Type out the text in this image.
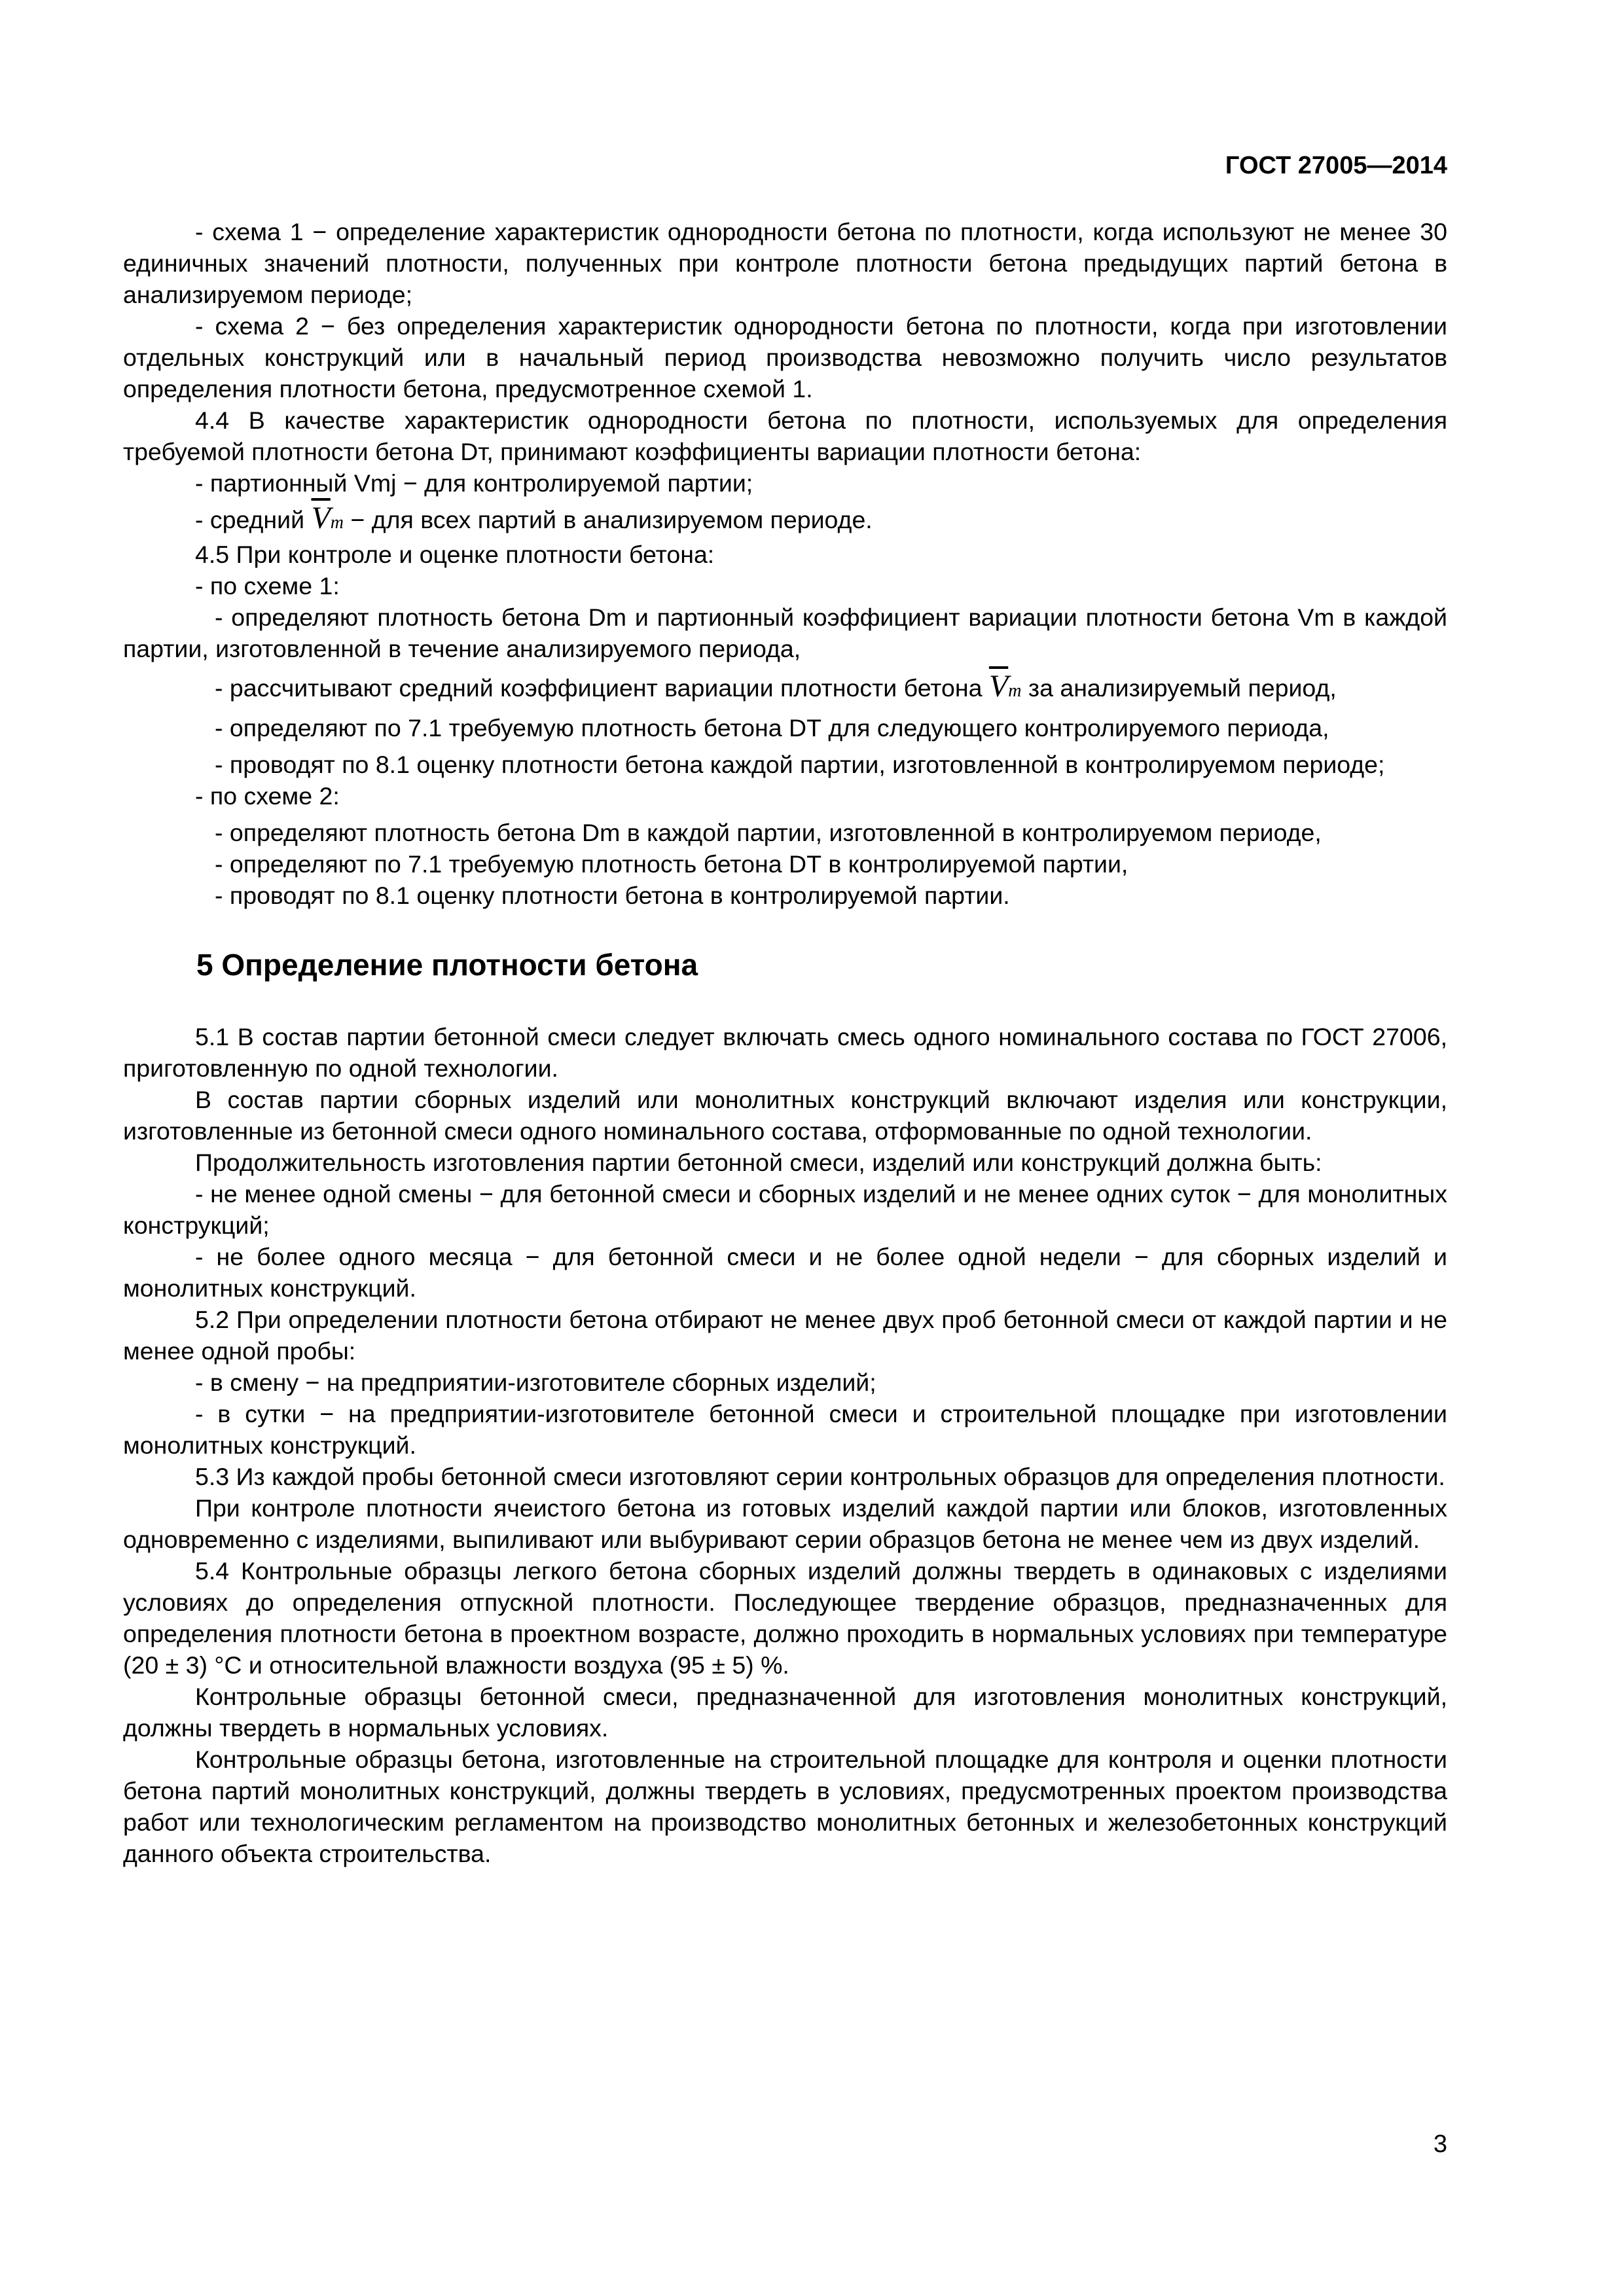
ГОСТ 27005—2014

- схема 1 − определение характеристик однородности бетона по плотности, когда используют не менее 30 единичных значений плотности, полученных при контроле плотности бетона предыдущих партий бетона в анализируемом периоде;

- схема 2 − без определения характеристик однородности бетона по плотности, когда при изготовлении отдельных конструкций или в начальный период производства невозможно получить число результатов определения плотности бетона, предусмотренное схемой 1.

4.4 В качестве характеристик однородности бетона по плотности, используемых для определения требуемой плотности бетона Dт, принимают коэффициенты вариации плотности бетона:

- партионный Vmj − для контролируемой партии;

- средний $\overline{V}m$ − для всех партий в анализируемом периоде.

4.5 При контроле и оценке плотности бетона:

- по схеме 1:

- определяют плотность бетона Dm и партионный коэффициент вариации плотности бетона Vm в каждой партии, изготовленной в течение анализируемого периода,

- рассчитывают средний коэффициент вариации плотности бетона $\overline{V}m$ за анализируемый период,

- определяют по 7.1 требуемую плотность бетона DТ для следующего контролируемого периода,

- проводят по 8.1 оценку плотности бетона каждой партии, изготовленной в контролируемом периоде;

- по схеме 2:

- определяют плотность бетона Dm в каждой партии, изготовленной в контролируемом периоде,

- определяют по 7.1 требуемую плотность бетона DТ в контролируемой партии,

- проводят по 8.1 оценку плотности бетона в контролируемой партии.

5 Определение плотности бетона

5.1 В состав партии бетонной смеси следует включать смесь одного номинального состава по ГОСТ 27006, приготовленную по одной технологии.

В состав партии сборных изделий или монолитных конструкций включают изделия или конструкции, изготовленные из бетонной смеси одного номинального состава, отформованные по одной технологии.

Продолжительность изготовления партии бетонной смеси, изделий или конструкций должна быть:

- не менее одной смены − для бетонной смеси и сборных изделий и не менее одних суток − для монолитных конструкций;

- не более одного месяца − для бетонной смеси и не более одной недели − для сборных изделий и монолитных конструкций.

5.2 При определении плотности бетона отбирают не менее двух проб бетонной смеси от каждой партии и не менее одной пробы:

- в смену − на предприятии-изготовителе сборных изделий;

- в сутки − на предприятии-изготовителе бетонной смеси и строительной площадке при изготовлении монолитных конструкций.

5.3 Из каждой пробы бетонной смеси изготовляют серии контрольных образцов для определения плотности.

При контроле плотности ячеистого бетона из готовых изделий каждой партии или блоков, изготовленных одновременно с изделиями, выпиливают или выбуривают серии образцов бетона не менее чем из двух изделий.

5.4 Контрольные образцы легкого бетона сборных изделий должны твердеть в одинаковых с изделиями условиях до определения отпускной плотности. Последующее твердение образцов, предназначенных для определения плотности бетона в проектном возрасте, должно проходить в нормальных условиях при температуре (20 ± 3) °С и относительной влажности воздуха (95 ± 5) %.

Контрольные образцы бетонной смеси, предназначенной для изготовления монолитных конструкций, должны твердеть в нормальных условиях.

Контрольные образцы бетона, изготовленные на строительной площадке для контроля и оценки плотности бетона партий монолитных конструкций, должны твердеть в условиях, предусмотренных проектом производства работ или технологическим регламентом на производство монолитных бетонных и железобетонных конструкций данного объекта строительства.

3
